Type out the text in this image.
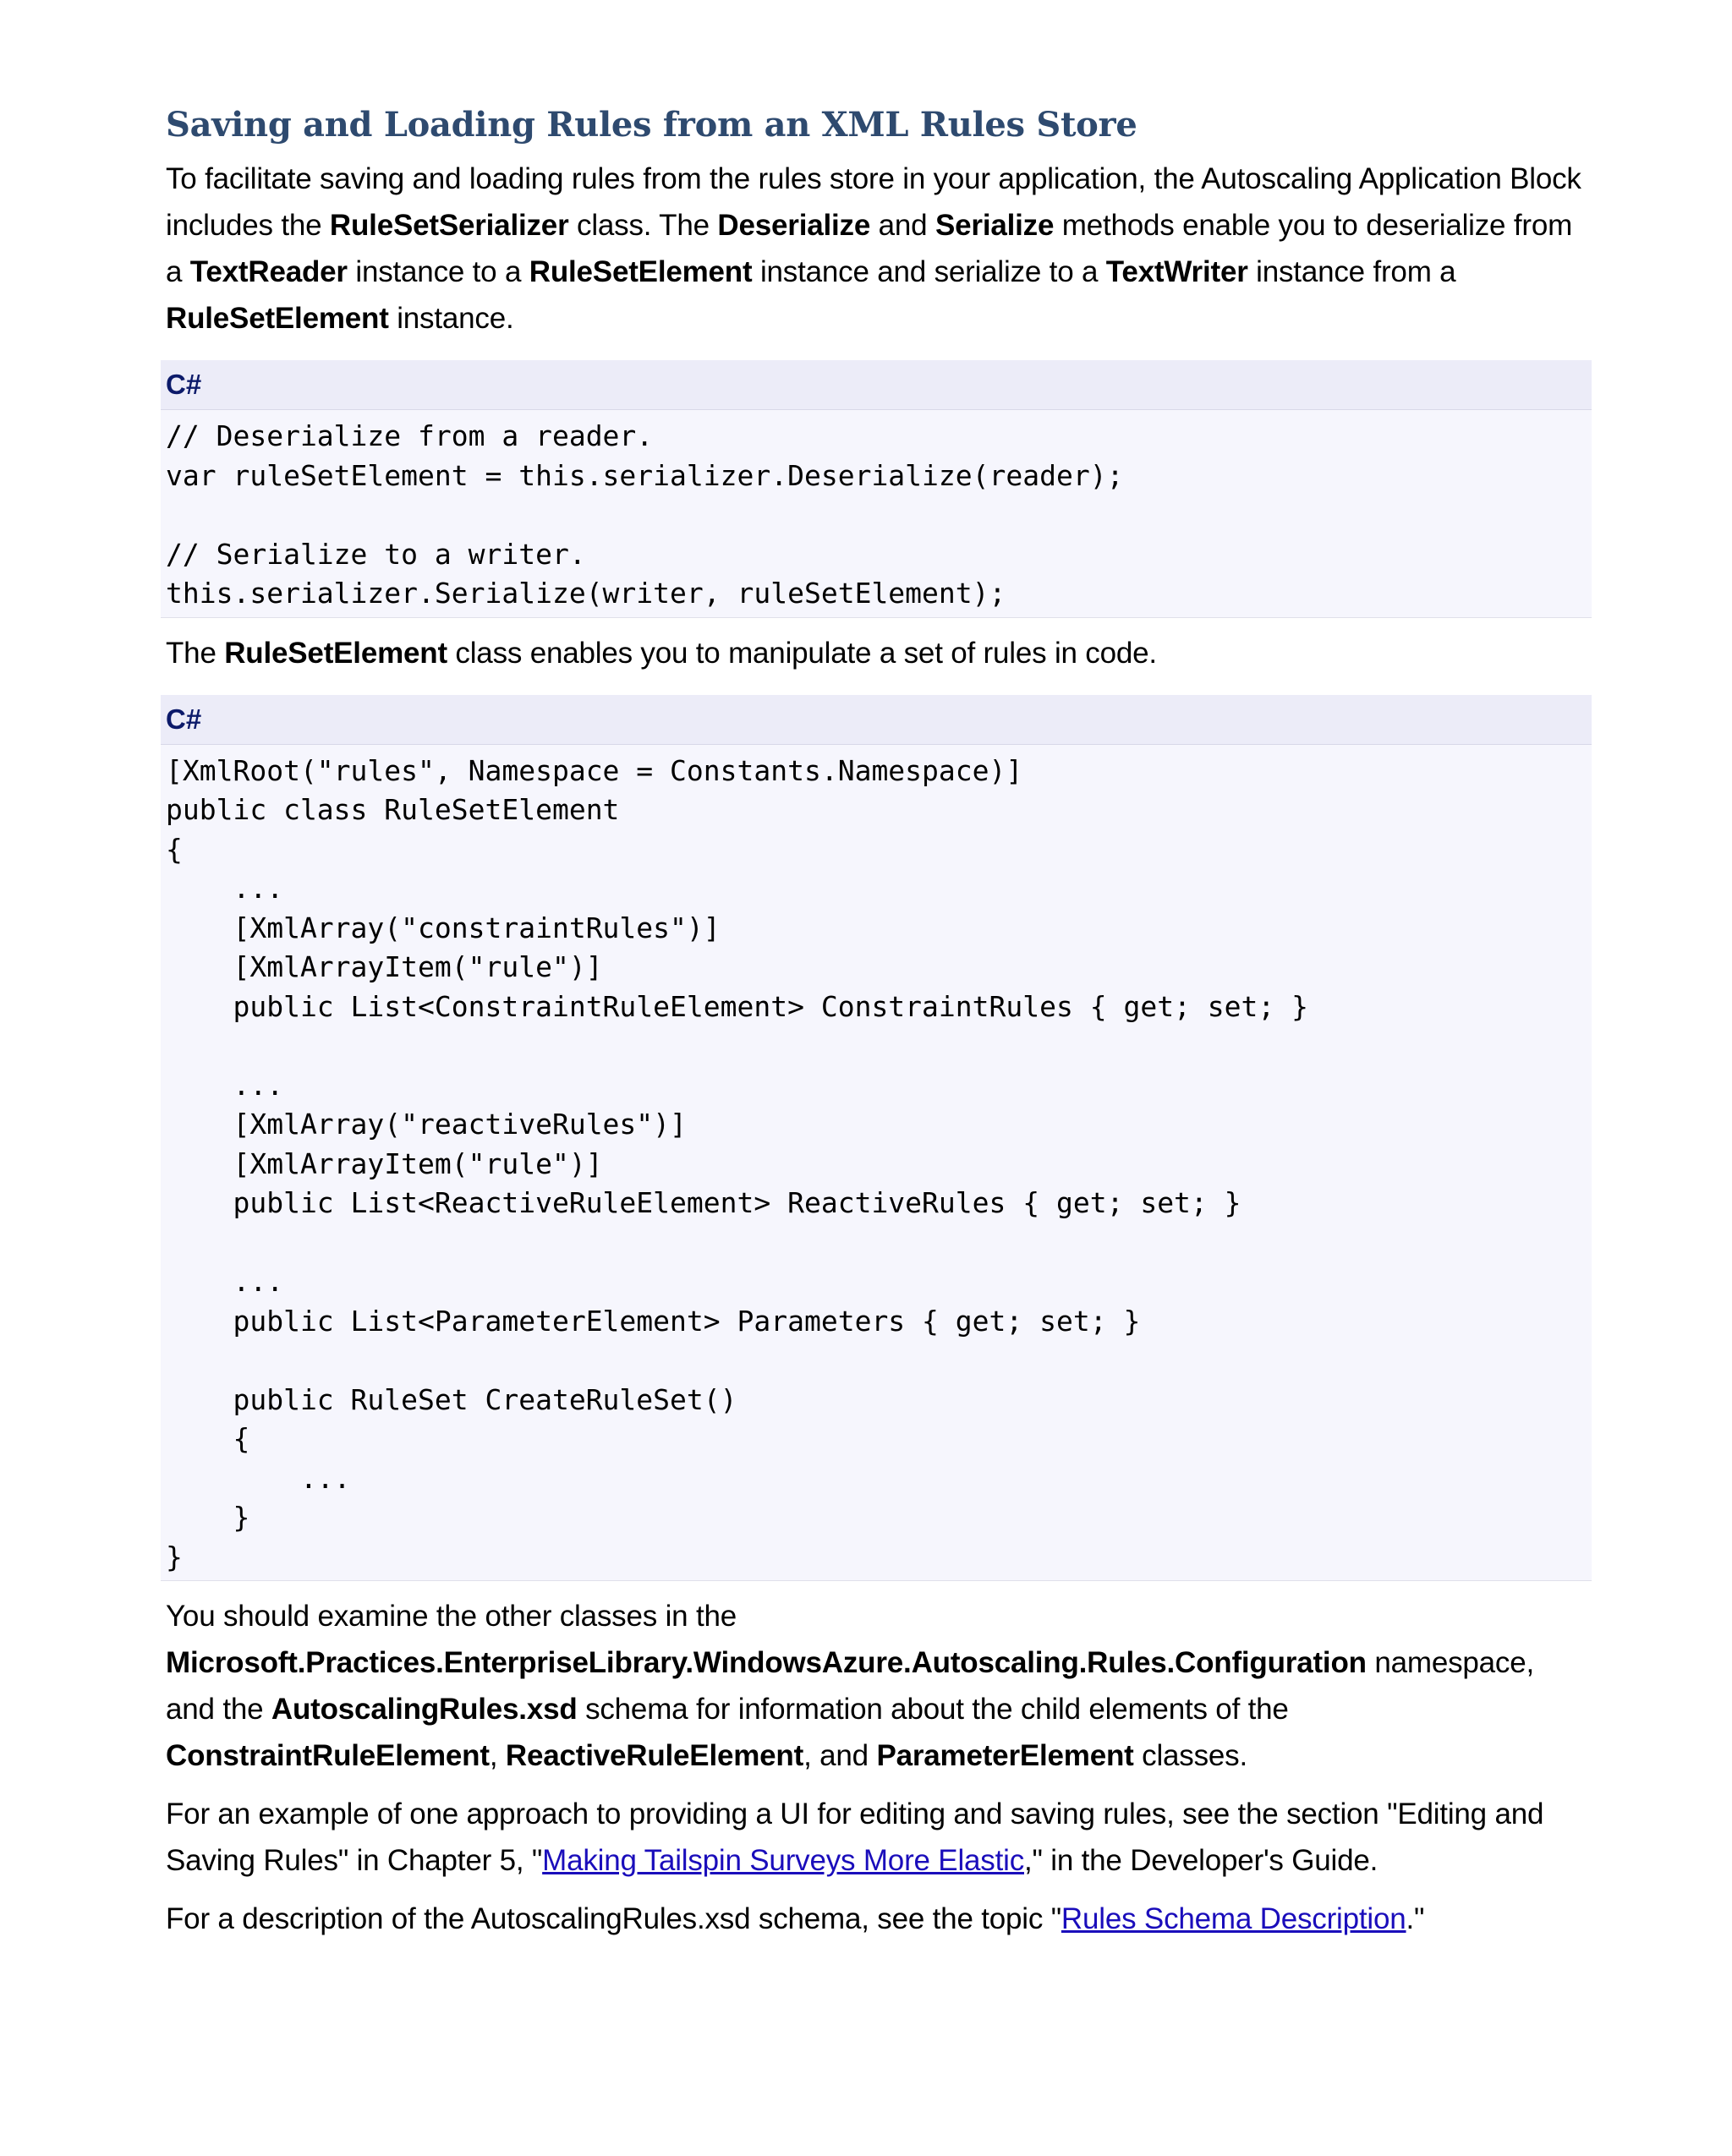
Saving and Loading Rules from an XML Rules Store

To facilitate saving and loading rules from the rules store in your application, the Autoscaling Application Block includes the RuleSetSerializer class. The Deserialize and Serialize methods enable you to deserialize from a TextReader instance to a RuleSetElement instance and serialize to a TextWriter instance from a RuleSetElement instance.

C#
// Deserialize from a reader.
var ruleSetElement = this.serializer.Deserialize(reader);
// Serialize to a writer.
this.serializer.Serialize(writer, ruleSetElement);

The RuleSetElement class enables you to manipulate a set of rules in code.

C#
[XmlRoot("rules", Namespace = Constants.Namespace)]
public class RuleSetElement
{
...
[XmlArray("constraintRules")]
[XmlArrayItem("rule")]
public List<ConstraintRuleElement> ConstraintRules { get; set; }
...
[XmlArray("reactiveRules")]
[XmlArrayItem("rule")]
public List<ReactiveRuleElement> ReactiveRules { get; set; }
...
public List<ParameterElement> Parameters { get; set; }
public RuleSet CreateRuleSet()
{
...
}
}

You should examine the other classes in the Microsoft.Practices.EnterpriseLibrary.WindowsAzure.Autoscaling.Rules.Configuration namespace, and the AutoscalingRules.xsd schema for information about the child elements of the ConstraintRuleElement, ReactiveRuleElement, and ParameterElement classes.

For an example of one approach to providing a UI for editing and saving rules, see the section "Editing and Saving Rules" in Chapter 5, "Making Tailspin Surveys More Elastic," in the Developer's Guide.

For a description of the AutoscalingRules.xsd schema, see the topic "Rules Schema Description."
